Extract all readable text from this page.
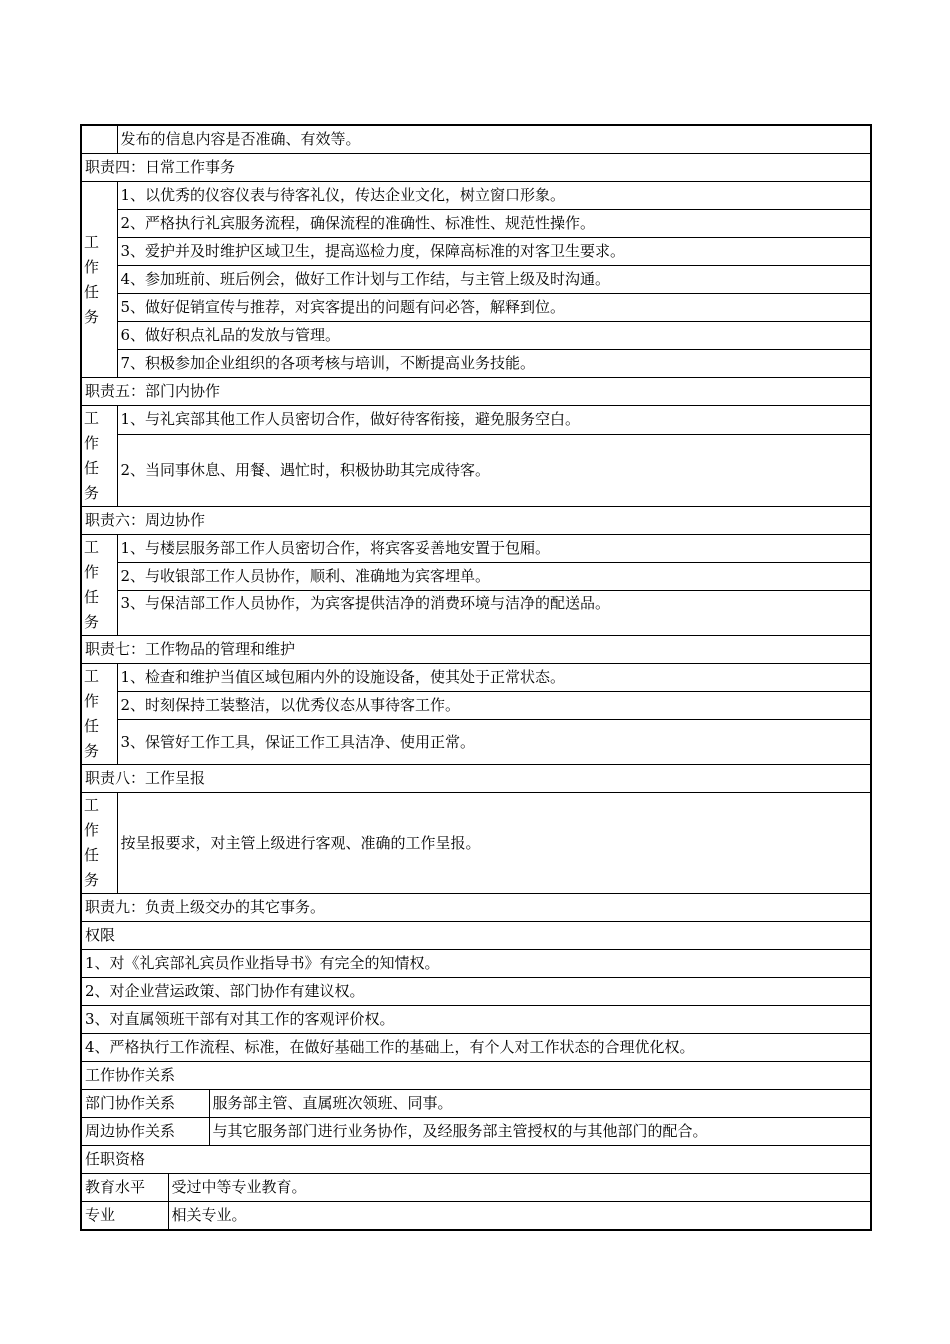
	发布的信息内容是否准确、有效等。
职责四：日常工作事务

工
作
任
务
	1、以优秀的仪容仪表与待客礼仪，传达企业文化，树立窗口形象。
2、严格执行礼宾服务流程，确保流程的准确性、标准性、规范性操作。
3、爱护并及时维护区域卫生，提高巡检力度，保障高标准的对客卫生要求。
4、参加班前、班后例会，做好工作计划与工作结，与主管上级及时沟通。
5、做好促销宣传与推荐，对宾客提出的问题有问必答，解释到位。
6、做好积点礼品的发放与管理。
7、积极参加企业组织的各项考核与培训，不断提高业务技能。
职责五：部门内协作

工
作
任
务
	1、与礼宾部其他工作人员密切合作，做好待客衔接，避免服务空白。
2、当同事休息、用餐、遇忙时，积极协助其完成待客。
职责六：周边协作

工
作
任
务
	1、与楼层服务部工作人员密切合作，将宾客妥善地安置于包厢。
2、与收银部工作人员协作，顺利、准确地为宾客埋单。
3、与保洁部工作人员协作，为宾客提供洁净的消费环境与洁净的配送品。
职责七：工作物品的管理和维护

工
作
任
务
	1、检查和维护当值区域包厢内外的设施设备，使其处于正常状态。
2、时刻保持工装整洁，以优秀仪态从事待客工作。
3、保管好工作工具，保证工作工具洁净、使用正常。
职责八：工作呈报

工
作
任
务
	按呈报要求，对主管上级进行客观、准确的工作呈报。
职责九：负责上级交办的其它事务。
权限
1、对《礼宾部礼宾员作业指导书》有完全的知情权。
2、对企业营运政策、部门协作有建议权。
3、对直属领班干部有对其工作的客观评价权。
4、严格执行工作流程、标准，在做好基础工作的基础上，有个人对工作状态的合理优化权。
工作协作关系

部门协作关系	服务部主管、直属班次领班、同事。
周边协作关系	与其它服务部门进行业务协作，及经服务部主管授权的与其他部门的配合。

任职资格

教育水平	受过中等专业教育。
专业	相关专业。
